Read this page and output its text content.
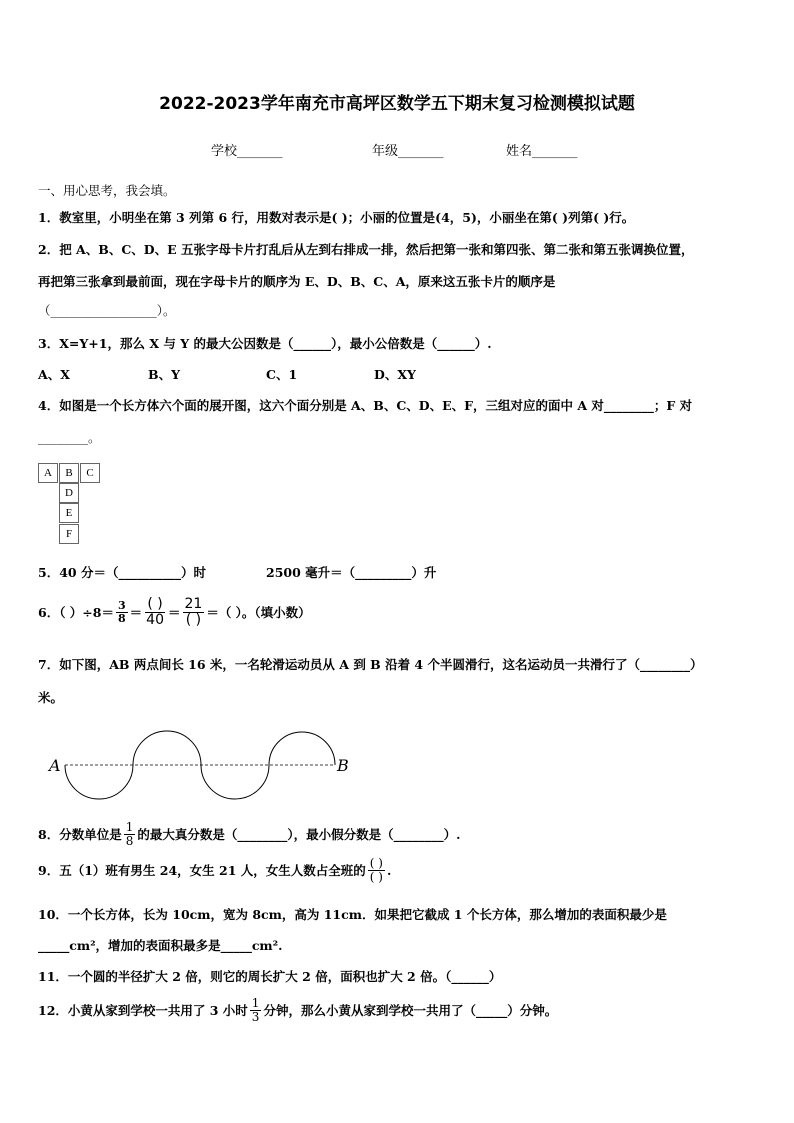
2022-2023学年南充市高坪区数学五下期末复习检测模拟试题
学校_______	年级_______	姓名_______
一、用心思考，我会填。
1．教室里，小明坐在第 3 列第 6 行，用数对表示是( )；小丽的位置是(4，5)，小丽坐在第( )列第( )行。
2．把 A、B、C、D、E 五张字母卡片打乱后从左到右排成一排，然后把第一张和第四张、第二张和第五张调换位置，
再把第三张拿到最前面，现在字母卡片的顺序为 E、D、B、C、A，原来这五张卡片的顺序是
（_________________）。
3．X=Y+1，那么 X 与 Y 的最大公因数是（______），最小公倍数是（______）.
A、X	B、Y	C、1	D、XY
4．如图是一个长方体六个面的展开图，这六个面分别是 A、B、C、D、E、F，三组对应的面中 A 对________；F 对
________。
A	B	C
D
E
F
5．40 分＝（__________）时	2500 毫升＝（_________）升
6．（ ）$\div 8= \frac{3}{8} = \frac{( )}{40} = \frac{21}{( )}$ ＝（ ）。（填小数）
7．如下图，AB 两点间长 16 米，一名轮滑运动员从 A 到 B 沿着 4 个半圆滑行，这名运动员一共滑行了（________）
米。
A	B
8．分数单位是 $\frac{1}{8}$ 的最大真分数是（________），最小假分数是（________）.
9．五（1）班有男生 24，女生 21 人，女生人数占全班的 $\frac{( )}{( )}$ .
10．一个长方体，长为 10cm，宽为 8cm，高为 11cm．如果把它截成 1 个长方体，那么增加的表面积最少是
_____cm²，增加的表面积最多是_____cm².
11．一个圆的半径扩大 2 倍，则它的周长扩大 2 倍，面积也扩大 2 倍。（______）
12．小黄从家到学校一共用了 3 小时 $\frac{1}{3}$ 分钟，那么小黄从家到学校一共用了（_____）分钟。
